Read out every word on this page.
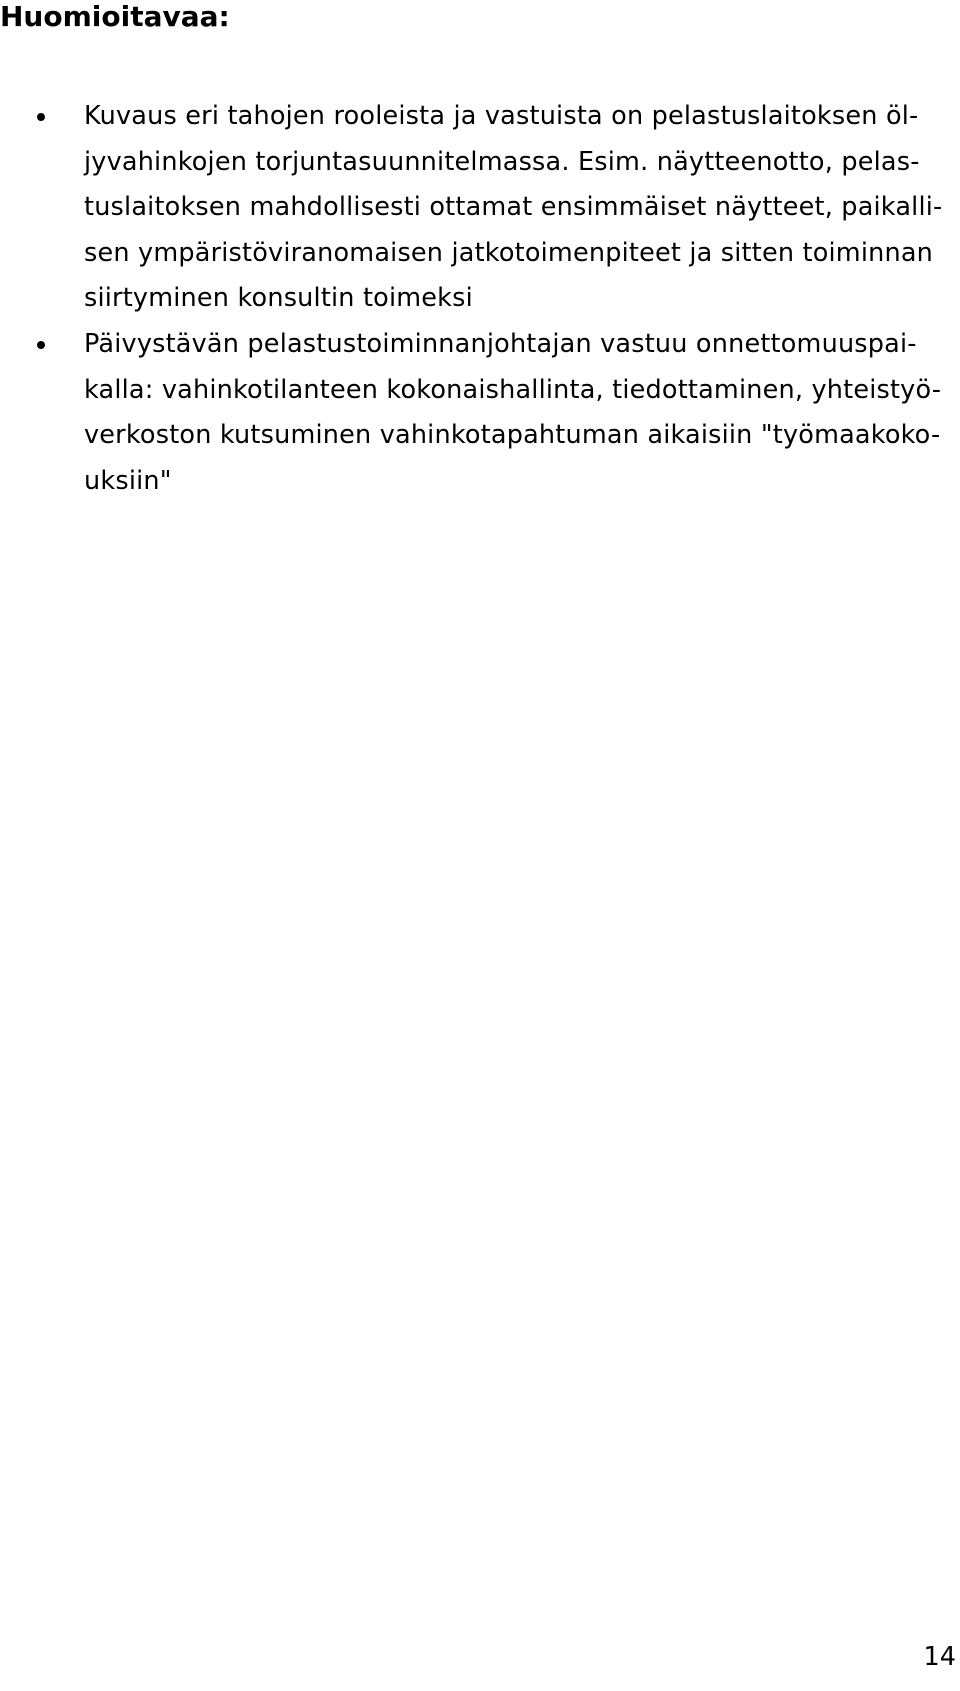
Huomioitavaa:
Kuvaus eri tahojen rooleista ja vastuista on pelastuslaitoksen öl-
jyvahinkojen torjuntasuunnitelmassa. Esim. näytteenotto, pelas-
tuslaitoksen mahdollisesti ottamat ensimmäiset näytteet, paikalli-
sen ympäristöviranomaisen jatkotoimenpiteet ja sitten toiminnan
siirtyminen konsultin toimeksi
Päivystävän pelastustoiminnanjohtajan vastuu onnettomuuspai-
kalla: vahinkotilanteen kokonaishallinta, tiedottaminen, yhteistyö-
verkoston kutsuminen vahinkotapahtuman aikaisiin "työmaakoko-
uksiin"
14
